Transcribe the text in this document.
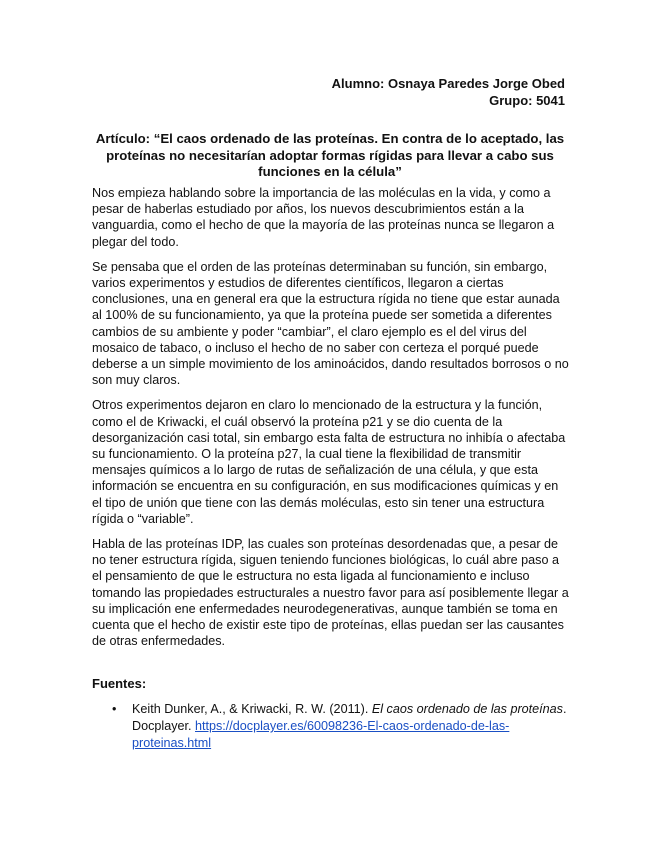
Alumno: Osnaya Paredes Jorge Obed
Grupo: 5041
Artículo: “El caos ordenado de las proteínas. En contra de lo aceptado, las proteínas no necesitarían adoptar formas rígidas para llevar a cabo sus funciones en la célula”

Nos empieza hablando sobre la importancia de las moléculas en la vida, y como a pesar de haberlas estudiado por años, los nuevos descubrimientos están a la vanguardia, como el hecho de que la mayoría de las proteínas nunca se llegaron a plegar del todo.

Se pensaba que el orden de las proteínas determinaban su función, sin embargo, varios experimentos y estudios de diferentes científicos, llegaron a ciertas conclusiones, una en general era que la estructura rígida no tiene que estar aunada al 100% de su funcionamiento, ya que la proteína puede ser sometida a diferentes cambios de su ambiente y poder “cambiar”, el claro ejemplo es el del virus del mosaico de tabaco, o incluso el hecho de no saber con certeza el porqué puede deberse a un simple movimiento de los aminoácidos, dando resultados borrosos o no son muy claros.

Otros experimentos dejaron en claro lo mencionado de la estructura y la función, como el de Kriwacki, el cuál observó la proteína p21 y se dio cuenta de la desorganización casi total, sin embargo esta falta de estructura no inhibía o afectaba su funcionamiento. O la proteína p27, la cual tiene la flexibilidad de transmitir mensajes químicos a lo largo de rutas de señalización de una célula, y que esta información se encuentra en su configuración, en sus modificaciones químicas y en el tipo de unión que tiene con las demás moléculas, esto sin tener una estructura rígida o “variable”.

Habla de las proteínas IDP, las cuales son proteínas desordenadas que, a pesar de no tener estructura rígida, siguen teniendo funciones biológicas, lo cuál abre paso a el pensamiento de que le estructura no esta ligada al funcionamiento e incluso tomando las propiedades estructurales a nuestro favor para así posiblemente llegar a su implicación ene enfermedades neurodegenerativas, aunque también se toma en cuenta que el hecho de existir este tipo de proteínas, ellas puedan ser las causantes de otras enfermedades.

Fuentes:
• Keith Dunker, A., & Kriwacki, R. W. (2011). El caos ordenado de las proteínas. Docplayer. https://docplayer.es/60098236-El-caos-ordenado-de-las-proteinas.html
